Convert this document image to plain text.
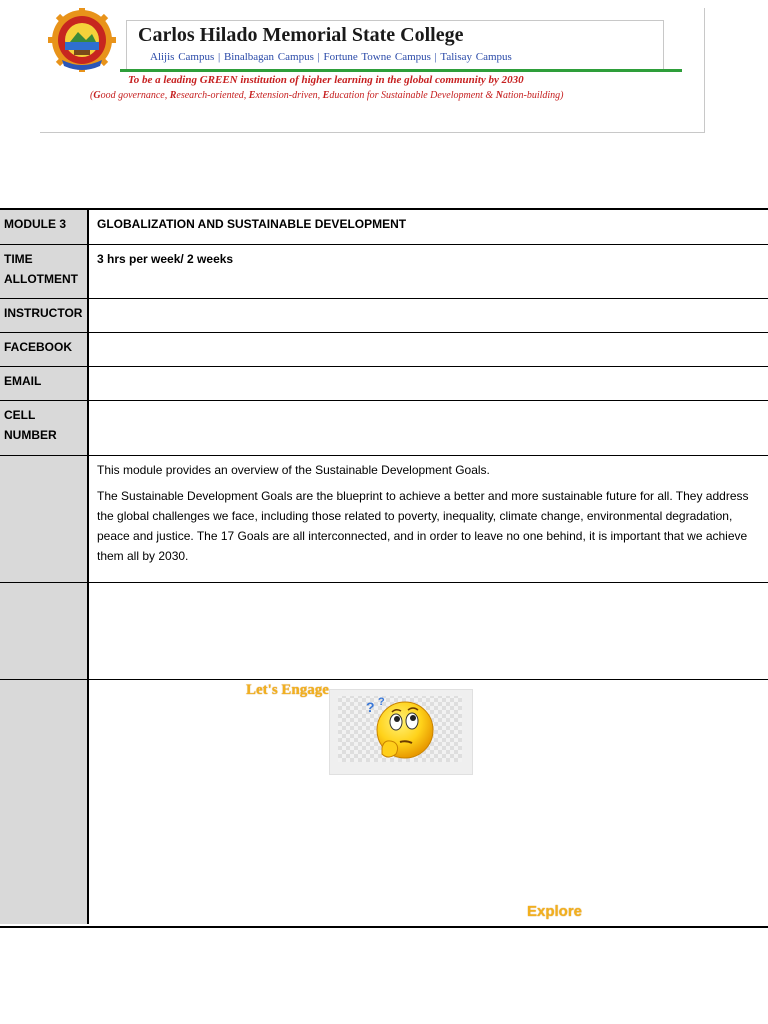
Carlos Hilado Memorial State College
Alijis Campus | Binalbagan Campus | Fortune Towne Campus | Talisay Campus
To be a leading GREEN institution of higher learning in the global community by 2030
(Good governance, Research-oriented, Extension-driven, Education for Sustainable Development & Nation-building)
MODULE 3	GLOBALIZATION AND SUSTAINABLE DEVELOPMENT
TIME ALLOTMENT
3 hrs per week/ 2 weeks
INSTRUCTOR
FACEBOOK
EMAIL
CELL NUMBER

This module provides an overview of the Sustainable Development Goals.

The Sustainable Development Goals are the blueprint to achieve a better and more sustainable future for all. They address the global challenges we face, including those related to poverty, inequality, climate change, environmental degradation, peace and justice. The 17 Goals are all interconnected, and in order to leave no one behind, it is important that we achieve them all by 2030.

Let's Engage
? ?
Explore
